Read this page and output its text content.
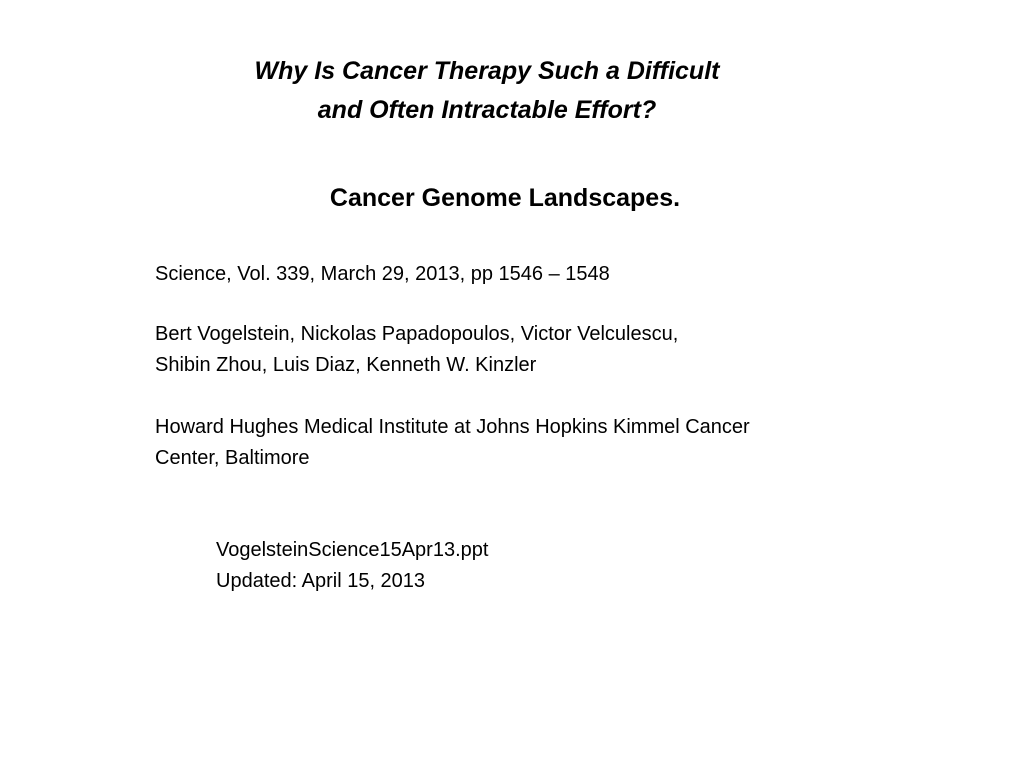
Why Is Cancer Therapy Such a Difficult
and Often Intractable Effort?
Cancer Genome Landscapes.
Science, Vol. 339, March 29, 2013, pp 1546 – 1548
Bert Vogelstein, Nickolas Papadopoulos, Victor Velculescu,
Shibin Zhou, Luis Diaz, Kenneth W. Kinzler
Howard Hughes Medical Institute at Johns Hopkins Kimmel Cancer
Center, Baltimore
VogelsteinScience15Apr13.ppt
Updated: April 15, 2013
